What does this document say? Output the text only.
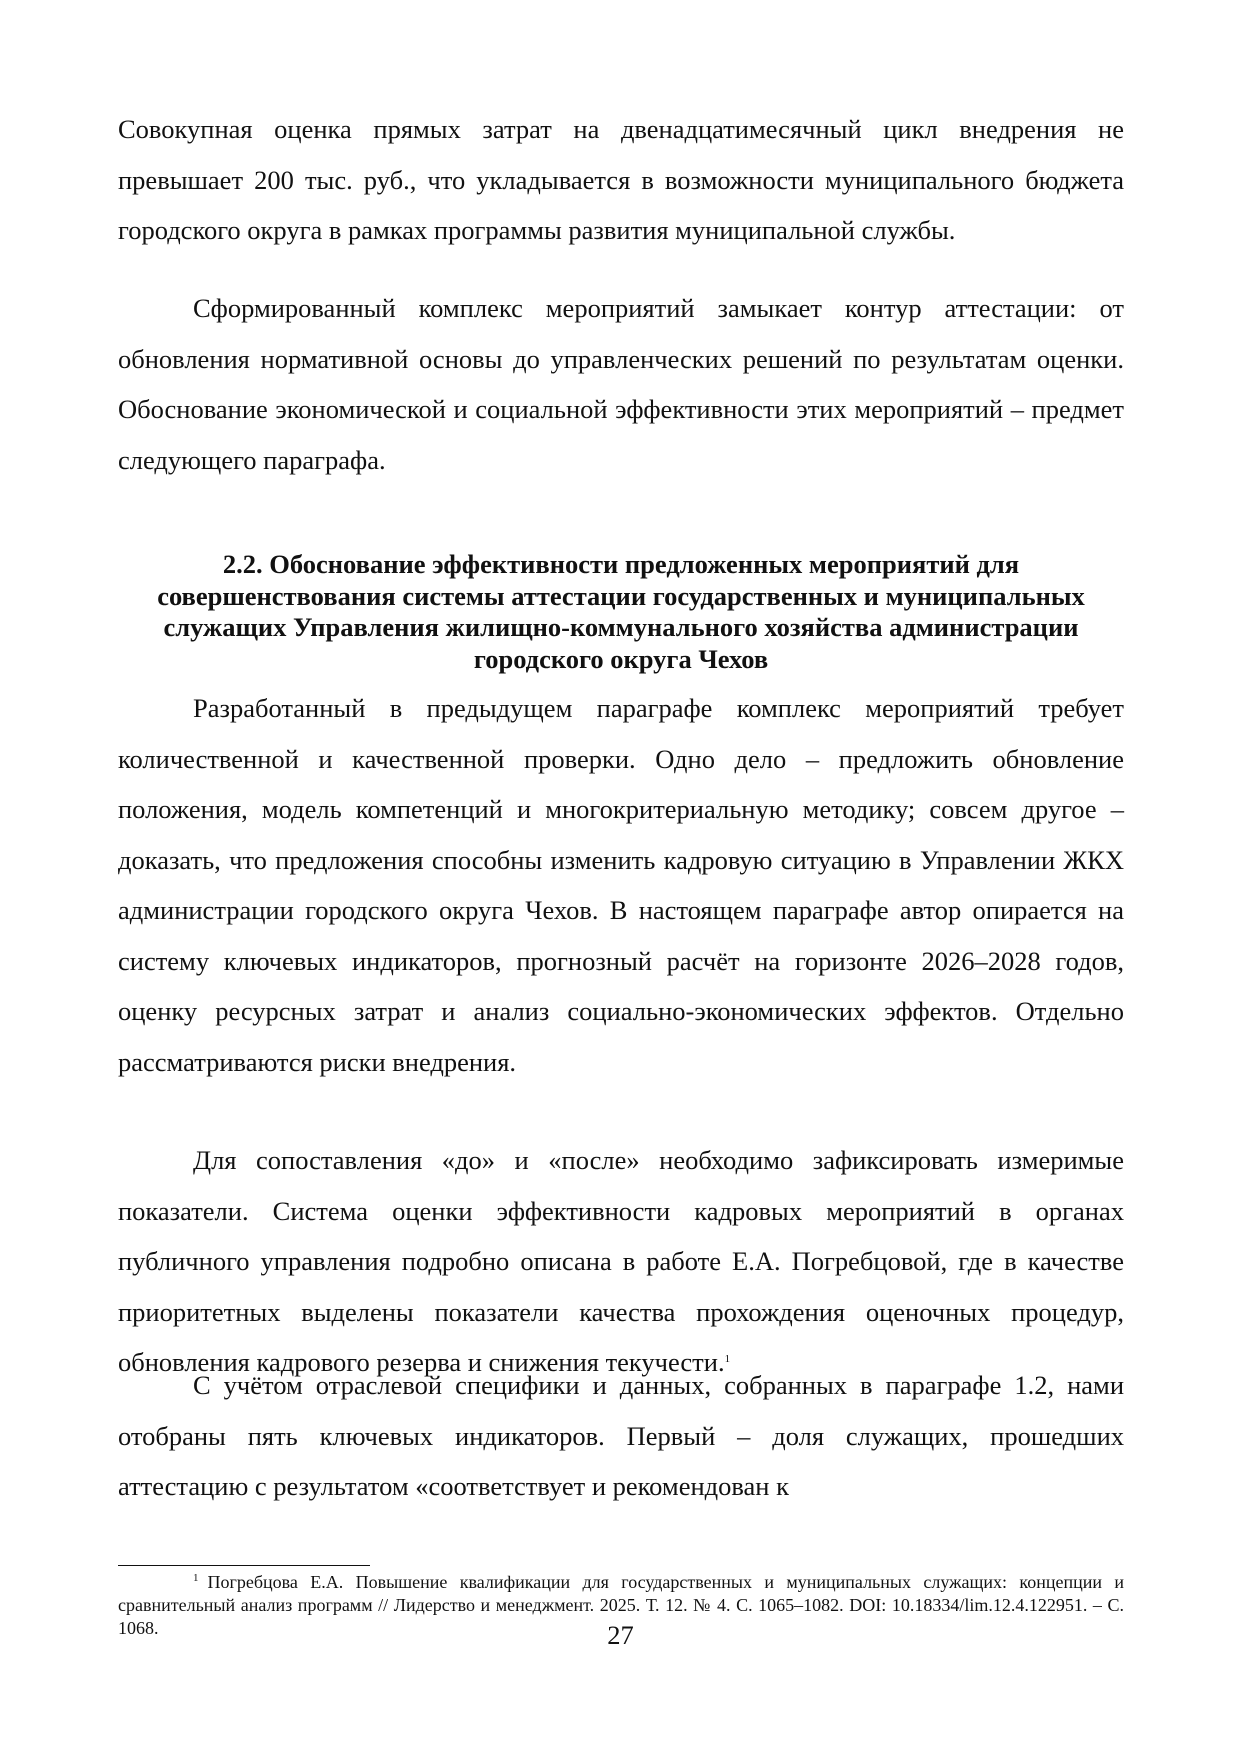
Совокупная оценка прямых затрат на двенадцатимесячный цикл внедрения не превышает 200 тыс. руб., что укладывается в возможности муниципального бюджета городского округа в рамках программы развития муниципальной службы.

Сформированный комплекс мероприятий замыкает контур аттестации: от обновления нормативной основы до управленческих решений по результатам оценки. Обоснование экономической и социальной эффективности этих мероприятий – предмет следующего параграфа.

2.2. Обоснование эффективности предложенных мероприятий для совершенствования системы аттестации государственных и муниципальных служащих Управления жилищно-коммунального хозяйства администрации городского округа Чехов

Разработанный в предыдущем параграфе комплекс мероприятий требует количественной и качественной проверки. Одно дело – предложить обновление положения, модель компетенций и многокритериальную методику; совсем другое – доказать, что предложения способны изменить кадровую ситуацию в Управлении ЖКХ администрации городского округа Чехов. В настоящем параграфе автор опирается на систему ключевых индикаторов, прогнозный расчёт на горизонте 2026–2028 годов, оценку ресурсных затрат и анализ социально-экономических эффектов. Отдельно рассматриваются риски внедрения.

Для сопоставления «до» и «после» необходимо зафиксировать измеримые показатели. Система оценки эффективности кадровых мероприятий в органах публичного управления подробно описана в работе Е.А. Погребцовой, где в качестве приоритетных выделены показатели качества прохождения оценочных процедур, обновления кадрового резерва и снижения текучести.$^1$

С учётом отраслевой специфики и данных, собранных в параграфе 1.2, нами отобраны пять ключевых индикаторов. Первый – доля служащих, прошедших аттестацию с результатом «соответствует и рекомендован к

$^1$ Погребцова Е.А. Повышение квалификации для государственных и муниципальных служащих: концепции и сравнительный анализ программ // Лидерство и менеджмент. 2025. Т. 12. № 4. С. 1065–1082. DOI: 10.18334/lim.12.4.122951. – С. 1068.	27
